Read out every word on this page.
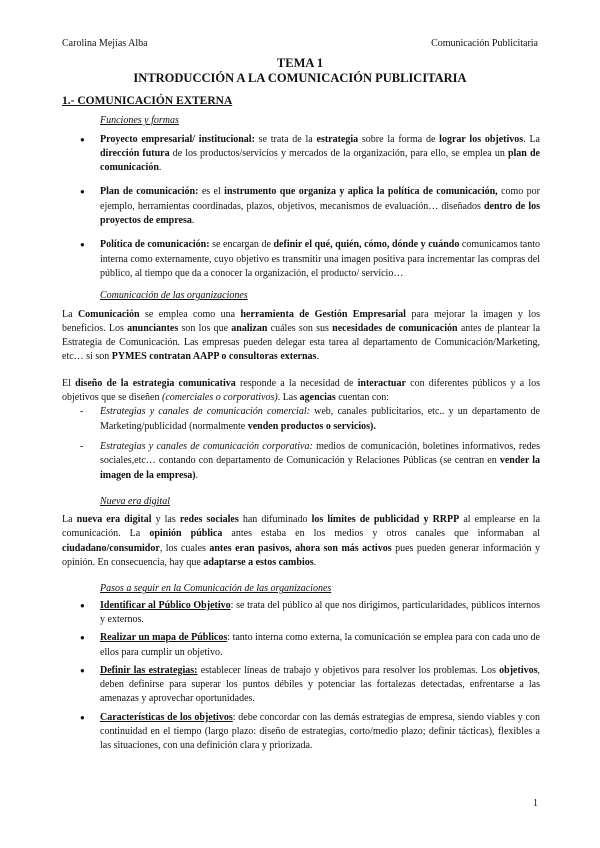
Carolina Mejías Alba	Comunicación Publicitaria
TEMA 1
INTRODUCCIÓN A LA COMUNICACIÓN PUBLICITARIA
1.- COMUNICACIÓN EXTERNA
Funciones y formas
● Proyecto empresarial/ institucional: se trata de la estrategia sobre la forma de lograr los objetivos. La dirección futura de los productos/servicios y mercados de la organización, para ello, se emplea un plan de comunicación.
● Plan de comunicación: es el instrumento que organiza y aplica la política de comunicación, como por ejemplo, herramientas coordinadas, plazos, objetivos, mecanismos de evaluación… diseñados dentro de los proyectos de empresa.
● Política de comunicación: se encargan de definir el qué, quién, cómo, dónde y cuándo comunicamos tanto interna como externamente, cuyo objetivo es transmitir una imagen positiva para incrementar las compras del público, al tiempo que da a conocer la organización, el producto/ servicio…
Comunicación de las organizaciones
La Comunicación se emplea como una herramienta de Gestión Empresarial para mejorar la imagen y los beneficios. Los anunciantes son los que analizan cuáles son sus necesidades de comunicación antes de plantear la Estrategia de Comunicación. Las empresas pueden delegar esta tarea al departamento de Comunicación/Marketing, etc… si son PYMES contratan AAPP o consultoras externas.
El diseño de la estrategia comunicativa responde a la necesidad de interactuar con diferentes públicos y a los objetivos que se diseñen (comerciales o corporativos). Las agencias cuentan con:
- Estrategias y canales de comunicación comercial: web, canales publicitarios, etc.. y un departamento de Marketing/publicidad (normalmente venden productos o servicios).
- Estrategias y canales de comunicación corporativa: medios de comunicación, boletines informativos, redes sociales,etc… contando con departamento de Comunicación y Relaciones Públicas (se centran en vender la imagen de la empresa).
Nueva era digital
La nueva era digital y las redes sociales han difuminado los límites de publicidad y RRPP al emplearse en la comunicación. La opinión pública antes estaba en los medios y otros canales que informaban al ciudadano/consumidor, los cuales antes eran pasivos, ahora son más activos pues pueden generar información y opinión. En consecuencia, hay que adaptarse a estos cambios.
Pasos a seguir en la Comunicación de las organizaciones
● Identificar al Público Objetivo: se trata del público al que nos dirigimos, particularidades, públicos internos y externos.
● Realizar un mapa de Públicos: tanto interna como externa, la comunicación se emplea para con cada uno de ellos para cumplir un objetivo.
● Definir las estrategias: establecer líneas de trabajo y objetivos para resolver los problemas. Los objetivos, deben definirse para superar los puntos débiles y potenciar las fortalezas detectadas, enfrentarse a las amenazas y aprovechar oportunidades.
● Características de los objetivos: debe concordar con las demás estrategias de empresa, siendo viables y con continuidad en el tiempo (largo plazo: diseño de estrategias, corto/medio plazo; definir tácticas), flexibles a las situaciones, con una definición clara y priorizada.
1
